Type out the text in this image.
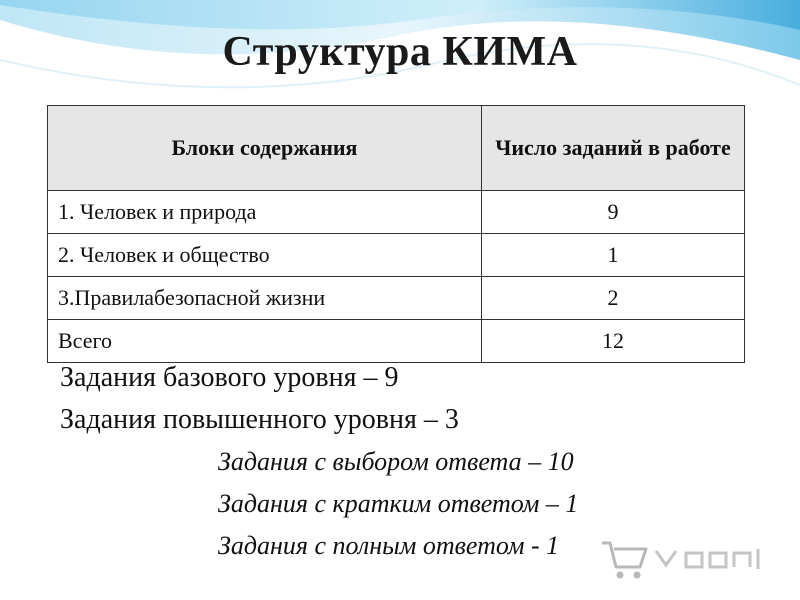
Структура КИМА
Блоки содержания	Число заданий в работе
1. Человек и природа	9
2. Человек и общество	1
3.Правилабезопасной жизни	2
Всего	12
Задания базового уровня – 9
Задания повышенного уровня – 3
Задания с выбором ответа – 10
Задания с кратким ответом – 1
Задания с полным ответом - 1
